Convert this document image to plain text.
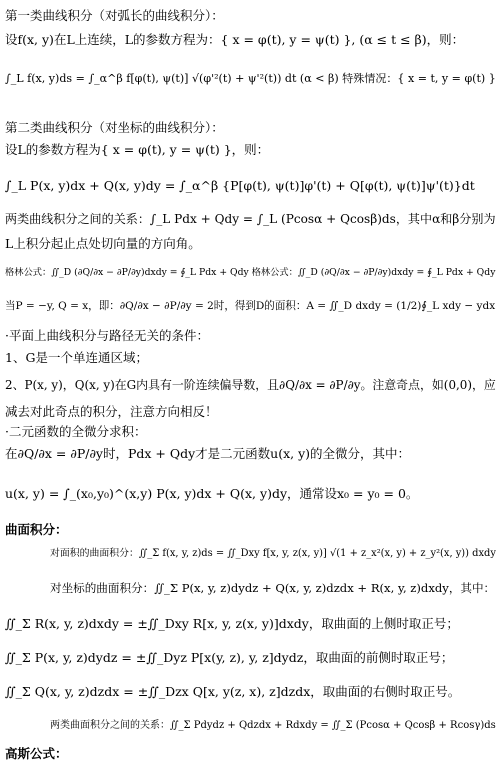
第一类曲线积分（对弧长的曲线积分）：
设f(x, y)在L上连续，L的参数方程为：{ x = φ(t), y = ψ(t) }, (α ≤ t ≤ β)，则：
∫_L f(x, y)ds = ∫_α^β f[φ(t), ψ(t)] √(φ'²(t) + ψ'²(t)) dt (α < β) 特殊情况：{ x = t, y = φ(t) }
第二类曲线积分（对坐标的曲线积分）：
设L的参数方程为{ x = φ(t), y = ψ(t) }，则：
∫_L P(x, y)dx + Q(x, y)dy = ∫_α^β {P[φ(t), ψ(t)]φ'(t) + Q[φ(t), ψ(t)]ψ'(t)}dt
两类曲线积分之间的关系：∫_L Pdx + Qdy = ∫_L (Pcosα + Qcosβ)ds，其中α和β分别为
L上积分起止点处切向量的方向角。
格林公式：∬_D (∂Q/∂x − ∂P/∂y)dxdy = ∮_L Pdx + Qdy 格林公式：∬_D (∂Q/∂x − ∂P/∂y)dxdy = ∮_L Pdx + Qdy
当P = −y, Q = x，即：∂Q/∂x − ∂P/∂y = 2时，得到D的面积：A = ∬_D dxdy = (1/2)∮_L xdy − ydx
·平面上曲线积分与路径无关的条件：
1、G是一个单连通区域；
2、P(x, y)，Q(x, y)在G内具有一阶连续偏导数，且∂Q/∂x = ∂P/∂y。注意奇点，如(0,0)，应
减去对此奇点的积分，注意方向相反！
·二元函数的全微分求积：
在∂Q/∂x = ∂P/∂y时，Pdx + Qdy才是二元函数u(x, y)的全微分，其中：
u(x, y) = ∫_(x₀,y₀)^(x,y) P(x, y)dx + Q(x, y)dy，通常设x₀ = y₀ = 0。
曲面积分：
对面积的曲面积分：∬_Σ f(x, y, z)ds = ∬_Dxy f[x, y, z(x, y)] √(1 + z_x²(x, y) + z_y²(x, y)) dxdy
对坐标的曲面积分：∬_Σ P(x, y, z)dydz + Q(x, y, z)dzdx + R(x, y, z)dxdy，其中：
∬_Σ R(x, y, z)dxdy = ±∬_Dxy R[x, y, z(x, y)]dxdy，取曲面的上侧时取正号；
∬_Σ P(x, y, z)dydz = ±∬_Dyz P[x(y, z), y, z]dydz，取曲面的前侧时取正号；
∬_Σ Q(x, y, z)dzdx = ±∬_Dzx Q[x, y(z, x), z]dzdx，取曲面的右侧时取正号。
两类曲面积分之间的关系：∬_Σ Pdydz + Qdzdx + Rdxdy = ∬_Σ (Pcosα + Qcosβ + Rcosγ)ds
高斯公式：
